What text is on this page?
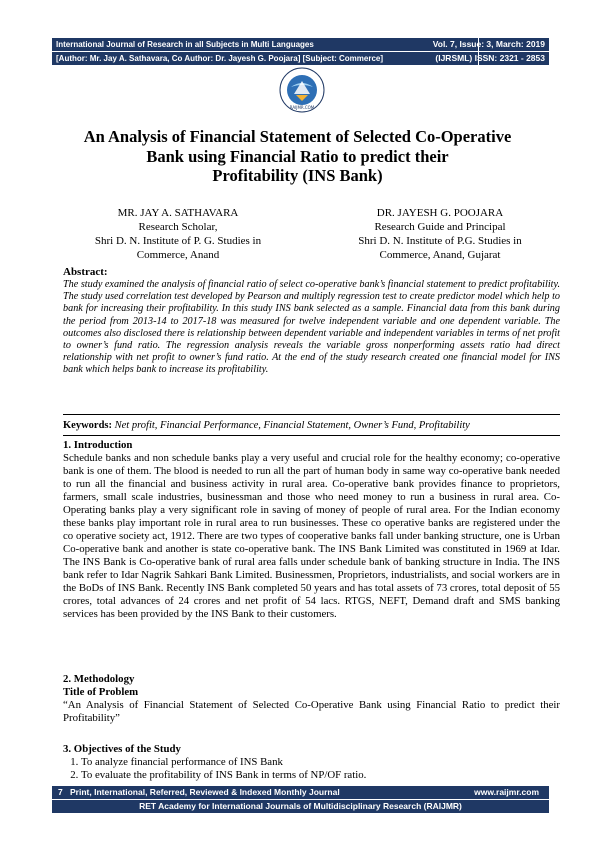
International Journal of Research in all Subjects in Multi Languages	Vol. 7, Issue: 3, March: 2019
[Author: Mr. Jay A. Sathavara, Co Author: Dr. Jayesh G. Poojara] [Subject: Commerce]	(IJRSML) ISSN: 2321 - 2853
RAIJMR.COM
An Analysis of Financial Statement of Selected Co-Operative
Bank using Financial Ratio to predict their
Profitability (INS Bank)
MR. JAY A. SATHAVARA
Research Scholar,
Shri D. N. Institute of P. G. Studies in
Commerce, Anand
DR. JAYESH G. POOJARA
Research Guide and Principal
Shri D. N. Institute of P.G. Studies in
Commerce, Anand, Gujarat
Abstract:
The study examined the analysis of financial ratio of select co-operative bank’s financial statement to predict profitability. The study used correlation test developed by Pearson and multiply regression test to create predictor model which help to bank for increasing their profitability. In this study INS bank selected as a sample. Financial data from this bank during the period from 2013-14 to 2017-18 was measured for twelve independent variable and one dependent variable. The outcomes also disclosed there is relationship between dependent variable and independent variables in terms of net profit to owner’s fund ratio. The regression analysis reveals the variable gross nonperforming assets ratio had direct relationship with net profit to owner’s fund ratio. At the end of the study research created one financial model for INS bank which helps bank to increase its profitability.
Keywords: Net profit, Financial Performance, Financial Statement, Owner’s Fund, Profitability
1. Introduction

Schedule banks and non schedule banks play a very useful and crucial role for the healthy economy; co-operative bank is one of them. The blood is needed to run all the part of human body in same way co-operative bank needed to run all the financial and business activity in rural area. Co-operative bank provides finance to proprietors, farmers, small scale industries, businessman and those who need money to run a business in rural area. Co-Operating banks play a very significant role in saving of money of people of rural area. For the Indian economy these banks play important role in rural area to run businesses. These co operative banks are registered under the co operative society act, 1912. There are two types of cooperative banks fall under banking structure, one is Urban Co-operative bank and another is state co-operative bank. The INS Bank Limited was constituted in 1969 at Idar. The INS Bank is Co-operative bank of rural area falls under schedule bank of banking structure in India. The INS bank refer to Idar Nagrik Sahkari Bank Limited. Businessmen, Proprietors, industrialists, and social workers are in the BoDs of INS Bank. Recently INS Bank completed 50 years and has total assets of 73 crores, total deposit of 55 crores, total advances of 24 crores and net profit of 54 lacs. RTGS, NEFT, Demand draft and SMS banking services has been provided by the INS Bank to their customers.

2. Methodology
Title of Problem

“An Analysis of Financial Statement of Selected Co-Operative Bank using Financial Ratio to predict their Profitability”

3. Objectives of the Study
1. To analyze financial performance of INS Bank
2. To evaluate the profitability of INS Bank in terms of NP/OF ratio.
7 Print, International, Referred, Reviewed & Indexed Monthly Journal	www.raijmr.com
RET Academy for International Journals of Multidisciplinary Research (RAIJMR)
